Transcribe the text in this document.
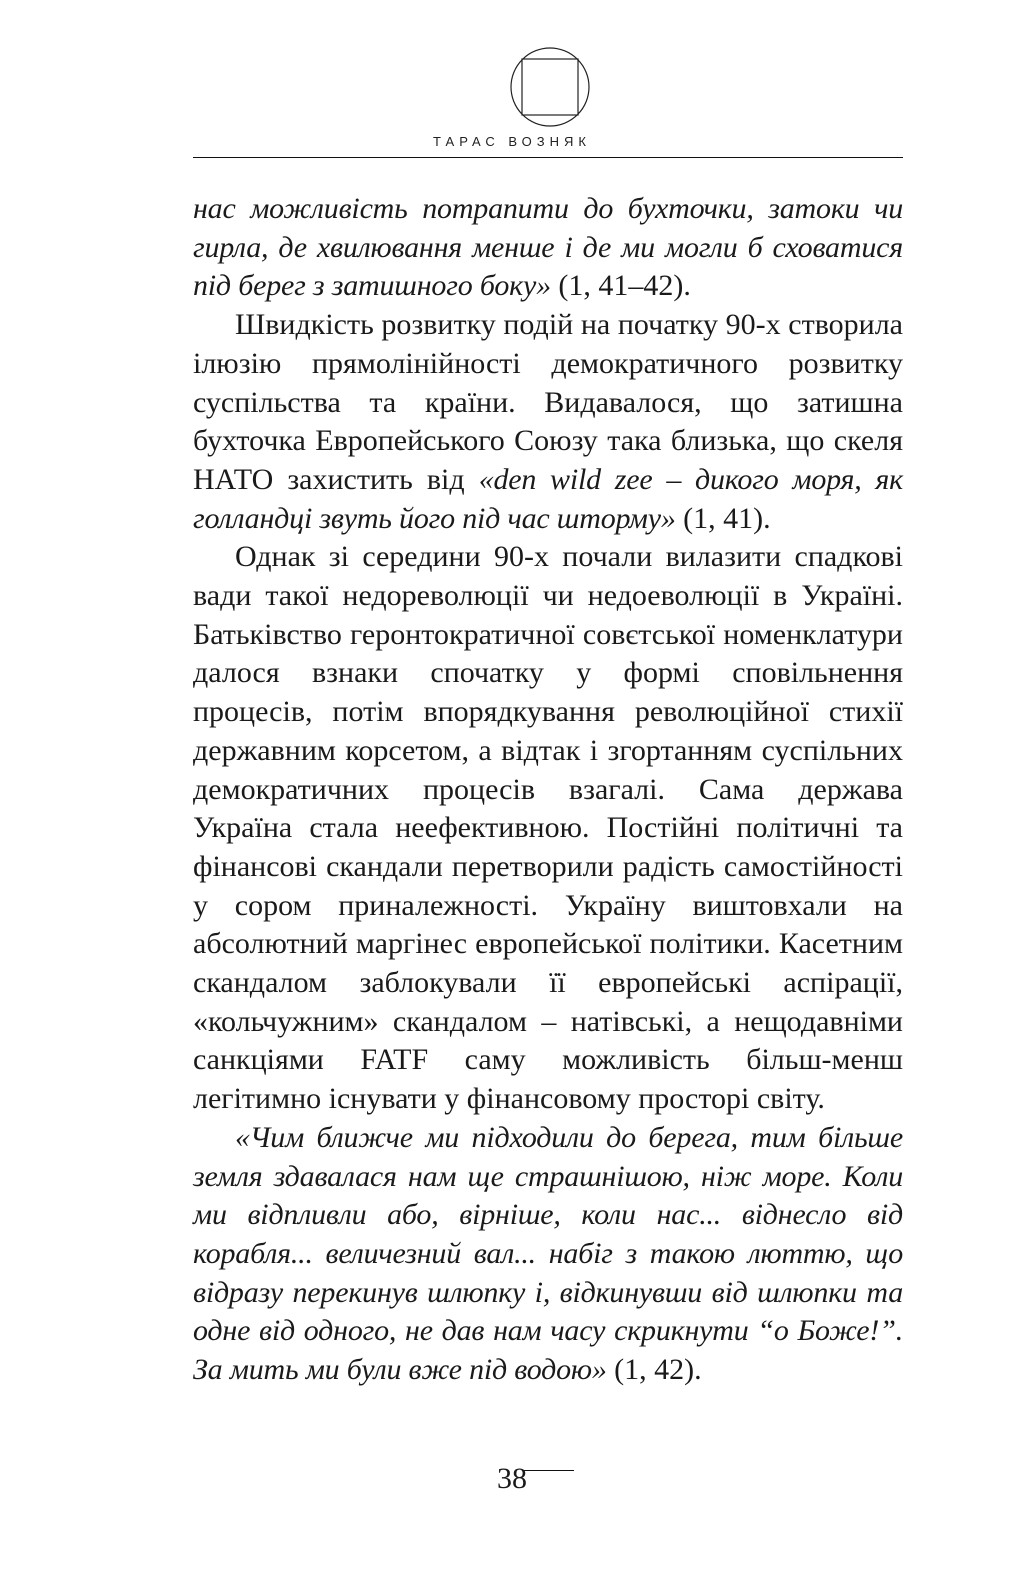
ТАРАС ВОЗНЯК

нас можливість потрапити до бухточки, затоки чи гирла, де хвилювання менше і де ми могли б сховатися під берег з затишного боку» (1, 41–42).

Швидкість розвитку подій на початку 90-х створила ілюзію прямолінійності демократичного розвитку суспільства та країни. Видавалося, що затишна бухточка Европейського Союзу така близька, що скеля НАТО захистить від «den wild zee – дикого моря, як голландці звуть його під час шторму» (1, 41).

Однак зі середини 90-х почали вилазити спадкові вади такої недореволюції чи недоеволюції в Україні. Батьківство геронтократичної совєтської номенклатури далося взнаки спочатку у формі сповільнення процесів, потім впорядкування революційної стихії державним корсетом, а відтак і згортанням суспільних демократичних процесів взагалі. Сама держава Україна стала неефективною. Постійні політичні та фінансові скандали перетворили радість самостійності у сором приналежності. Україну виштовхали на абсолютний маргінес европейської політики. Касетним скандалом заблокували її европейські аспірації, «кольчужним» скандалом – натівські, а нещодавніми санкціями FATF саму можливість більш-менш легітимно існувати у фінансовому просторі світу.

«Чим ближче ми підходили до берега, тим більше земля здавалася нам ще страшнішою, ніж море. Коли ми відпливли або, вірніше, коли нас... віднесло від корабля... величезний вал... набіг з такою люттю, що відразу перекинув шлюпку і, відкинувши від шлюпки та одне від одного, не дав нам часу скрикнути “о Боже!”. За мить ми були вже під водою» (1, 42).

38
